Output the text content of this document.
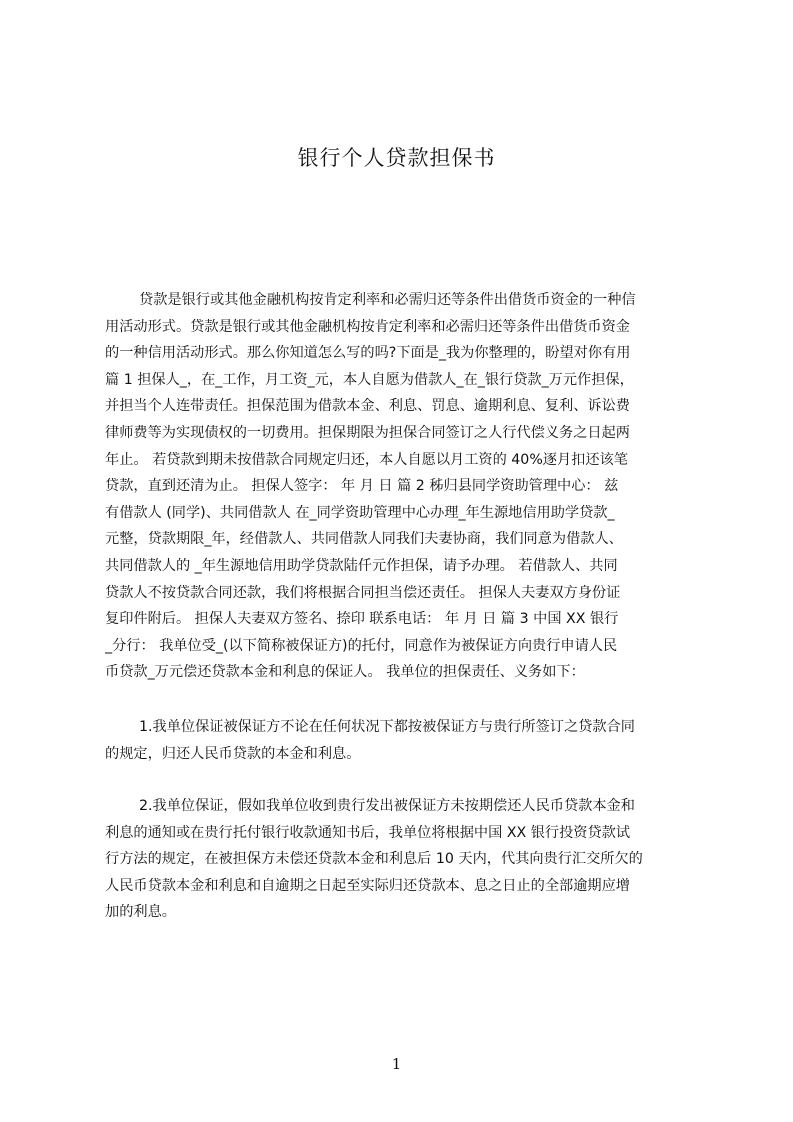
银行个人贷款担保书
贷款是银行或其他金融机构按肯定利率和必需归还等条件出借货币资金的一种信
用活动形式。贷款是银行或其他金融机构按肯定利率和必需归还等条件出借货币资金
的一种信用活动形式。那么你知道怎么写的吗?下面是_我为你整理的，盼望对你有用
篇 1 担保人_，在_工作，月工资_元，本人自愿为借款人_在_银行贷款_万元作担保，
并担当个人连带责任。担保范围为借款本金、利息、罚息、逾期利息、复利、诉讼费
律师费等为实现债权的一切费用。担保期限为担保合同签订之人行代偿义务之日起两
年止。 若贷款到期未按借款合同规定归还，本人自愿以月工资的 40%逐月扣还该笔
贷款，直到还清为止。 担保人签字： 年 月 日 篇 2 秭归县同学资助管理中心： 兹
有借款人 (同学)、共同借款人 在_同学资助管理中心办理_年生源地信用助学贷款_
元整，贷款期限_年，经借款人、共同借款人同我们夫妻协商，我们同意为借款人、
共同借款人的 _年生源地信用助学贷款陆仟元作担保，请予办理。 若借款人、共同
贷款人不按贷款合同还款，我们将根据合同担当偿还责任。 担保人夫妻双方身份证
复印件附后。 担保人夫妻双方签名、捺印 联系电话： 年 月 日 篇 3 中国 XX 银行
_分行： 我单位受_(以下简称被保证方)的托付，同意作为被保证方向贵行申请人民
币贷款_万元偿还贷款本金和利息的保证人。 我单位的担保责任、义务如下：
1.我单位保证被保证方不论在任何状况下都按被保证方与贵行所签订之贷款合同
的规定，归还人民币贷款的本金和利息。
2.我单位保证，假如我单位收到贵行发出被保证方未按期偿还人民币贷款本金和
利息的通知或在贵行托付银行收款通知书后，我单位将根据中国 XX 银行投资贷款试
行方法的规定，在被担保方未偿还贷款本金和利息后 10 天内，代其向贵行汇交所欠的
人民币贷款本金和利息和自逾期之日起至实际归还贷款本、息之日止的全部逾期应增
加的利息。
1
